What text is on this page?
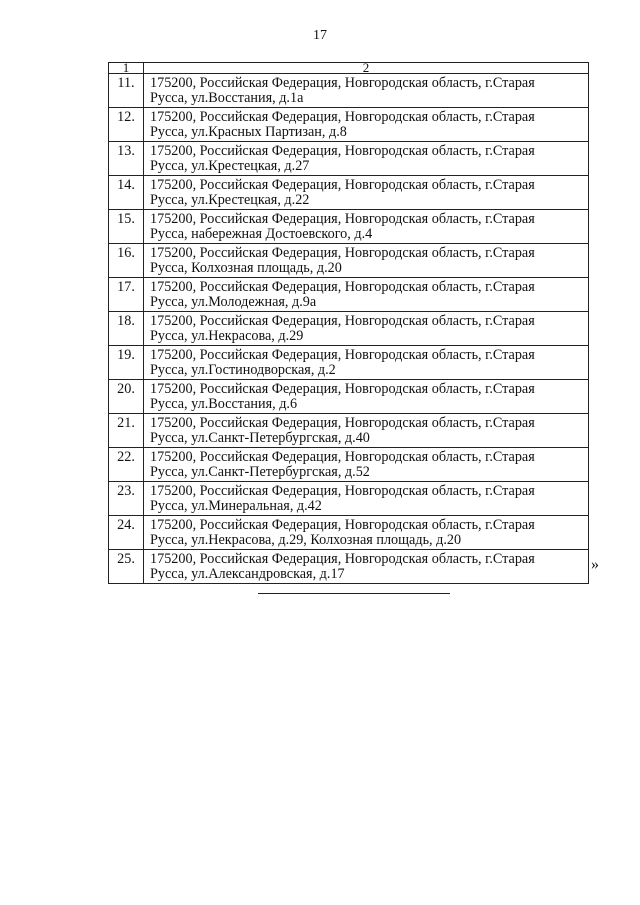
17
1	2
11.	175200, Российская Федерация, Новгородская область, г.Старая
Русса, ул.Восстания, д.1а

12.	175200, Российская Федерация, Новгородская область, г.Старая
Русса, ул.Красных Партизан, д.8

13.	175200, Российская Федерация, Новгородская область, г.Старая
Русса, ул.Крестецкая, д.27

14.	175200, Российская Федерация, Новгородская область, г.Старая
Русса, ул.Крестецкая, д.22

15.	175200, Российская Федерация, Новгородская область, г.Старая
Русса, набережная Достоевского, д.4

16.	175200, Российская Федерация, Новгородская область, г.Старая
Русса, Колхозная площадь, д.20

17.	175200, Российская Федерация, Новгородская область, г.Старая
Русса, ул.Молодежная, д.9а

18.	175200, Российская Федерация, Новгородская область, г.Старая
Русса, ул.Некрасова, д.29

19.	175200, Российская Федерация, Новгородская область, г.Старая
Русса, ул.Гостинодворская, д.2

20.	175200, Российская Федерация, Новгородская область, г.Старая
Русса, ул.Восстания, д.6

21.	175200, Российская Федерация, Новгородская область, г.Старая
Русса, ул.Санкт-Петербургская, д.40

22.	175200, Российская Федерация, Новгородская область, г.Старая
Русса, ул.Санкт-Петербургская, д.52

23.	175200, Российская Федерация, Новгородская область, г.Старая
Русса, ул.Минеральная, д.42

24.	175200, Российская Федерация, Новгородская область, г.Старая
Русса, ул.Некрасова, д.29, Колхозная площадь, д.20

25.	175200, Российская Федерация, Новгородская область, г.Старая
Русса, ул.Александровская, д.17
»
